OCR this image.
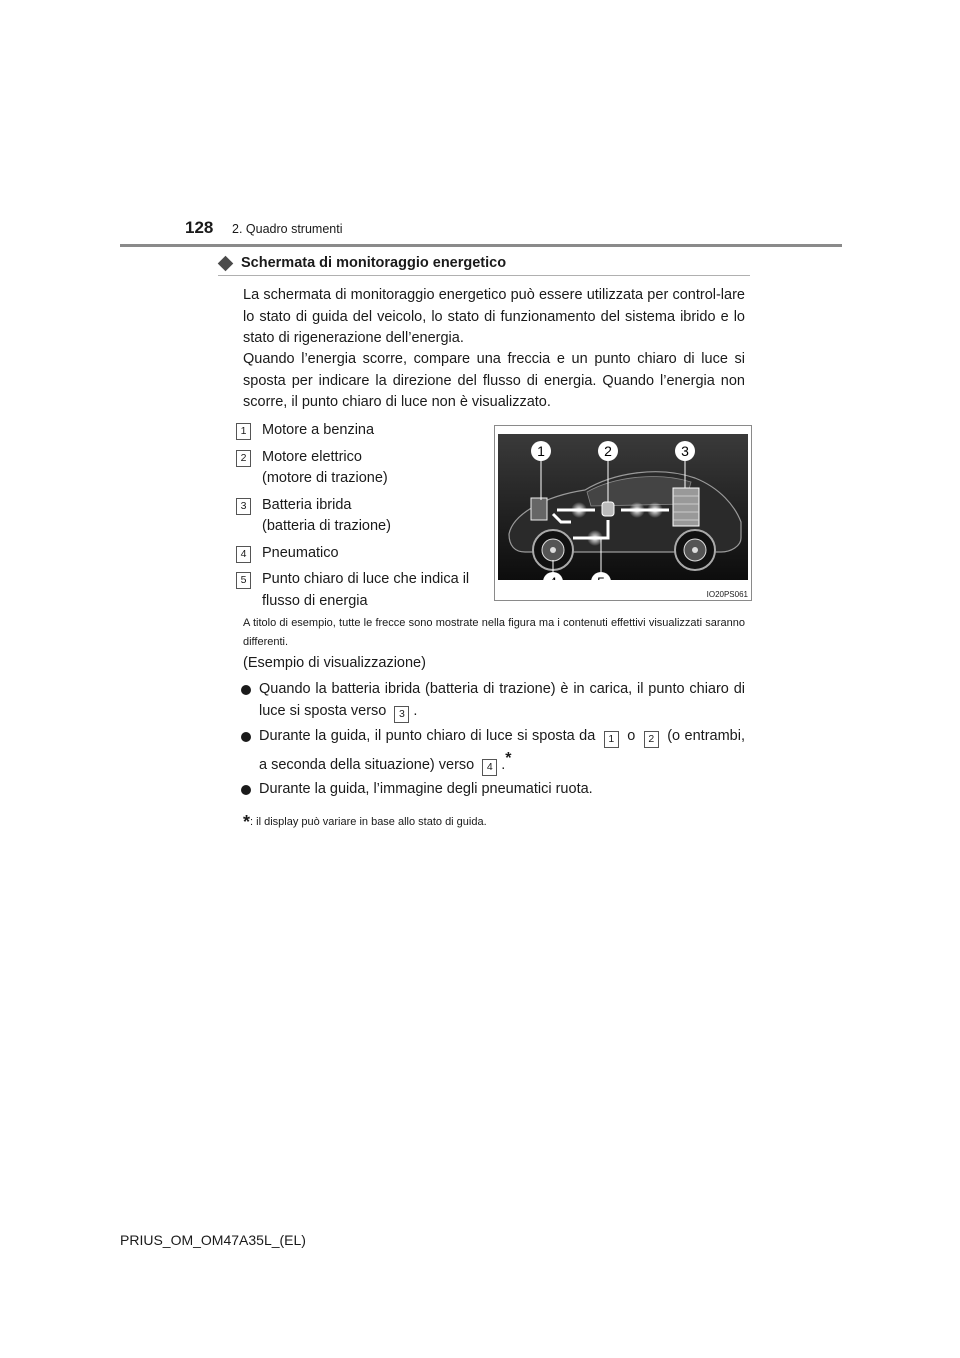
128 2. Quadro strumenti
Schermata di monitoraggio energetico
La schermata di monitoraggio energetico può essere utilizzata per control-lare lo stato di guida del veicolo, lo stato di funzionamento del sistema ibrido e lo stato di rigenerazione dell’energia.
Quando l’energia scorre, compare una freccia e un punto chiaro di luce si sposta per indicare la direzione del flusso di energia. Quando l’energia non scorre, il punto chiaro di luce non è visualizzato.
1	Motore a benzina
2	Motore elettrico
(motore di trazione)
3	Batteria ibrida
(batteria di trazione)
4	Pneumatico
5	Punto chiaro di luce che indica il
flusso di energia
1	2	3
IO20PS061
A titolo di esempio, tutte le frecce sono mostrate nella figura ma i contenuti effettivi visualizzati saranno differenti.
(Esempio di visualizzazione)
Quando la batteria ibrida (batteria di trazione) è in carica, il punto chiaro di luce si sposta verso 3 .
Durante la guida, il punto chiaro di luce si sposta da 1 o 2 (o entrambi, a seconda della situazione) verso 4 .*
Durante la guida, l’immagine degli pneumatici ruota.
*: il display può variare in base allo stato di guida.
PRIUS_OM_OM47A35L_(EL)
